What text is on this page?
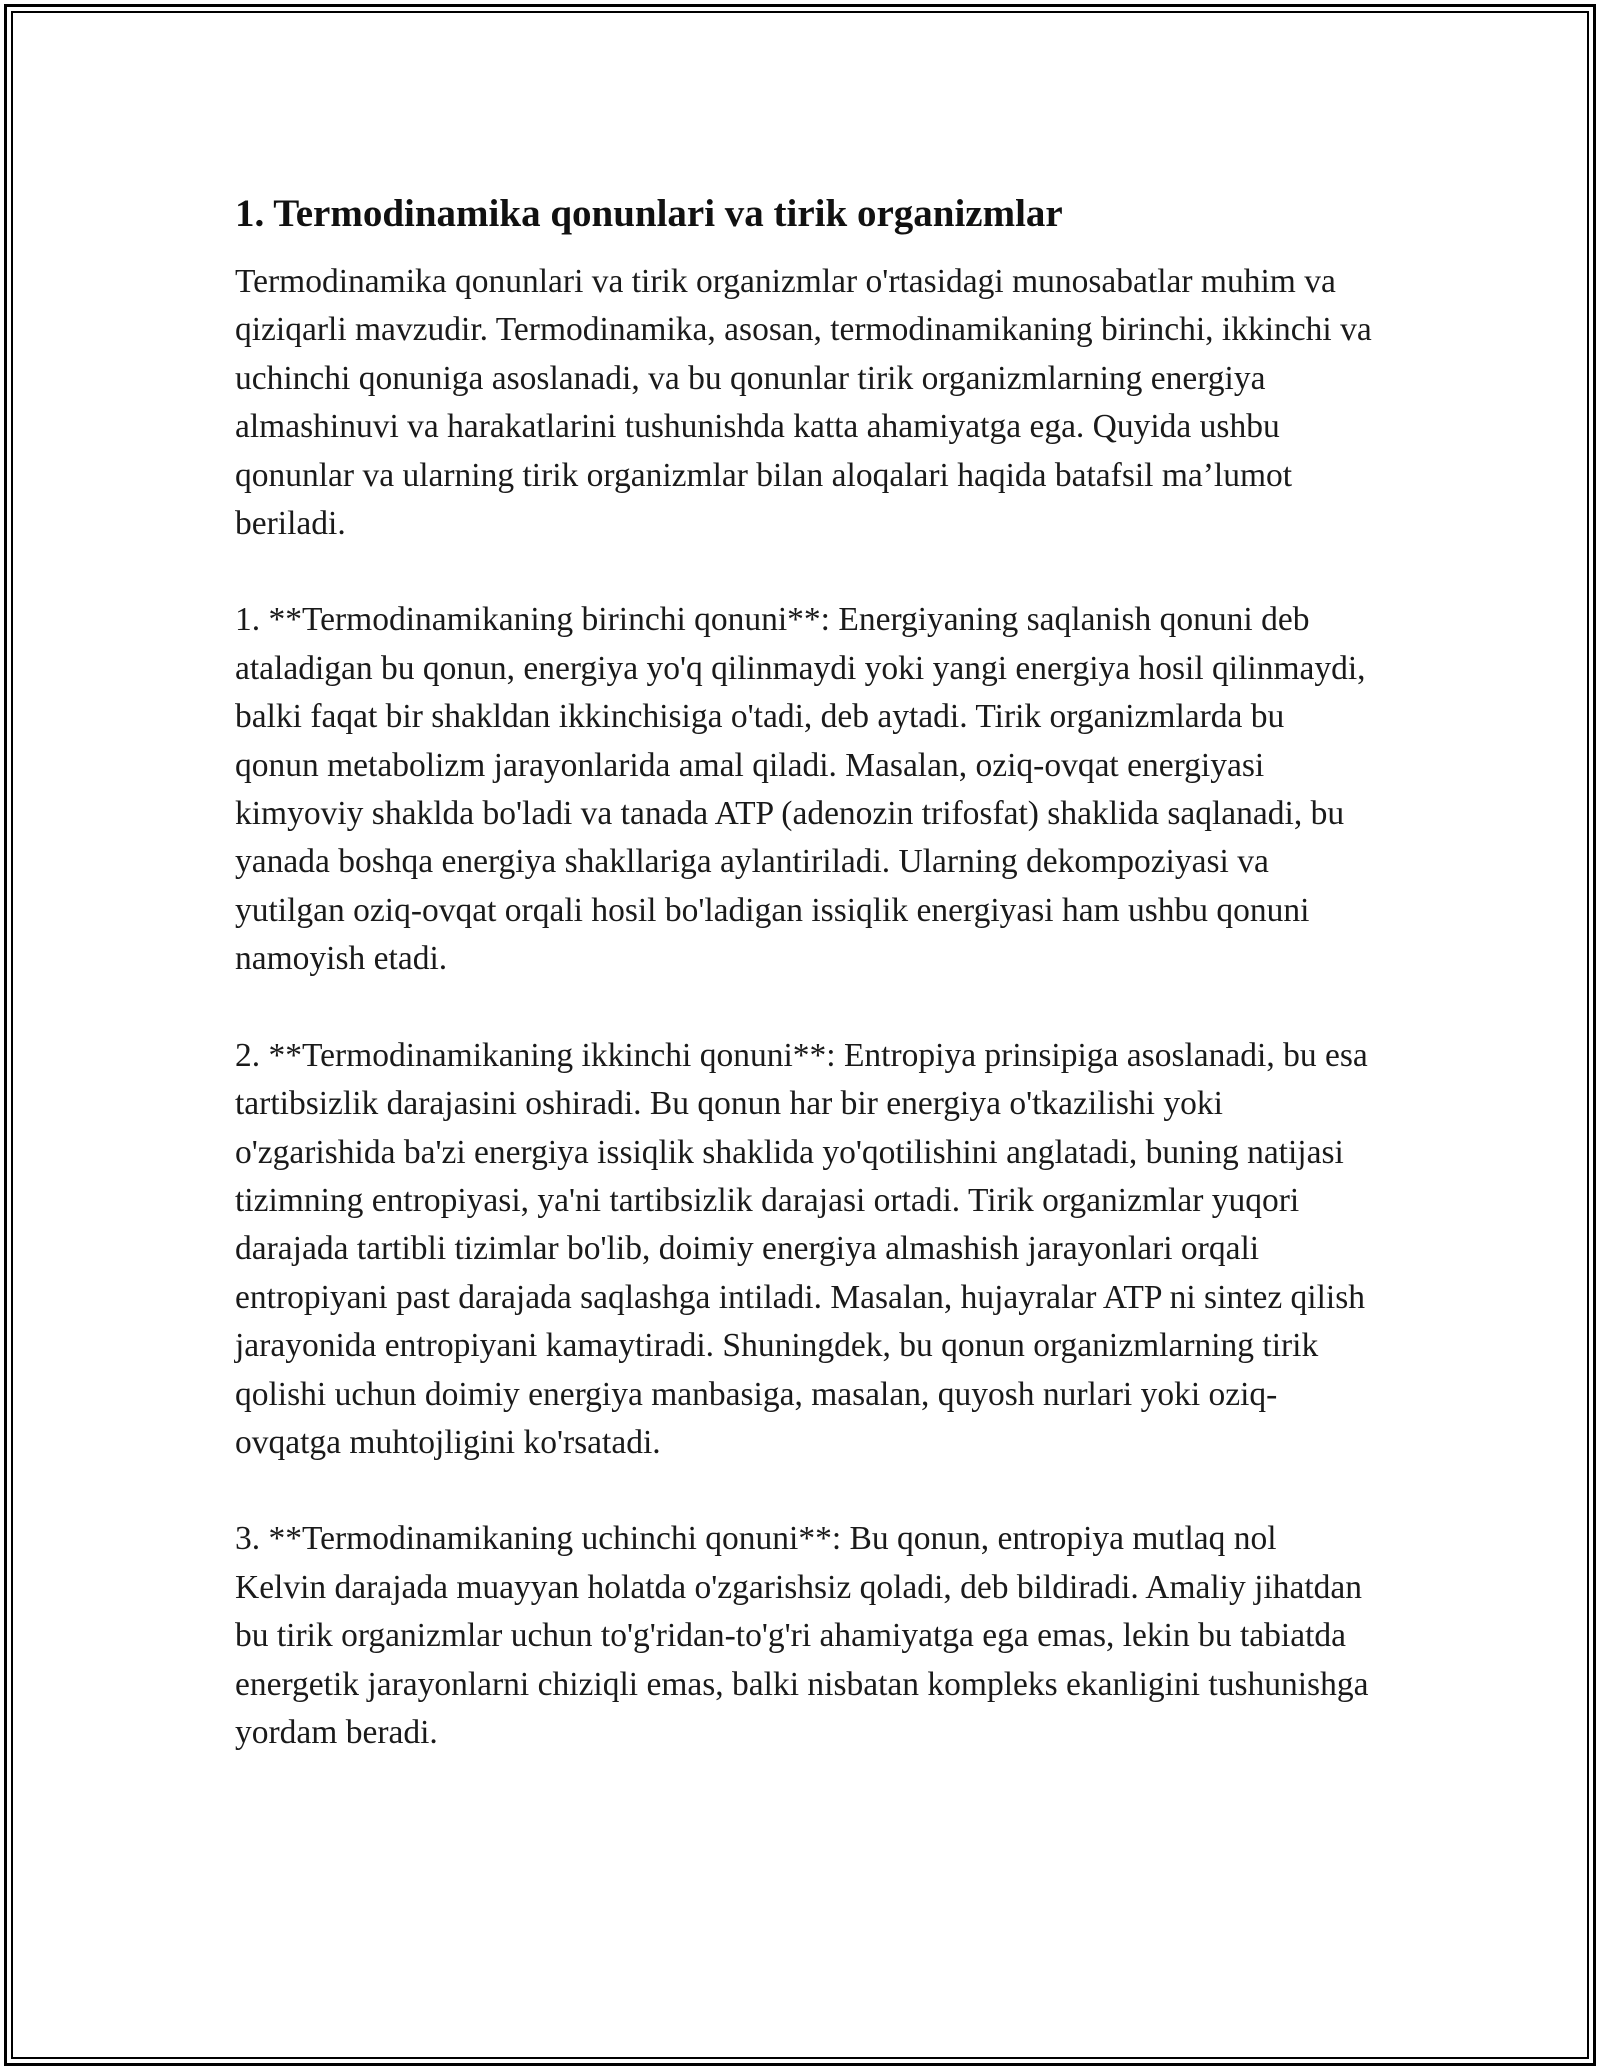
1. Termodinamika qonunlari va tirik organizmlar

Termodinamika qonunlari va tirik organizmlar o'rtasidagi munosabatlar muhim va qiziqarli mavzudir. Termodinamika, asosan, termodinamikaning birinchi, ikkinchi va uchinchi qonuniga asoslanadi, va bu qonunlar tirik organizmlarning energiya almashinuvi va harakatlarini tushunishda katta ahamiyatga ega. Quyida ushbu qonunlar va ularning tirik organizmlar bilan aloqalari haqida batafsil ma’lumot beriladi.

1. **Termodinamikaning birinchi qonuni**: Energiyaning saqlanish qonuni deb ataladigan bu qonun, energiya yo'q qilinmaydi yoki yangi energiya hosil qilinmaydi, balki faqat bir shakldan ikkinchisiga o'tadi, deb aytadi. Tirik organizmlarda bu qonun metabolizm jarayonlarida amal qiladi. Masalan, oziq-ovqat energiyasi kimyoviy shaklda bo'ladi va tanada ATP (adenozin trifosfat) shaklida saqlanadi, bu yanada boshqa energiya shakllariga aylantiriladi. Ularning dekompoziyasi va yutilgan oziq-ovqat orqali hosil bo'ladigan issiqlik energiyasi ham ushbu qonuni namoyish etadi.

2. **Termodinamikaning ikkinchi qonuni**: Entropiya prinsipiga asoslanadi, bu esa tartibsizlik darajasini oshiradi. Bu qonun har bir energiya o'tkazilishi yoki o'zgarishida ba'zi energiya issiqlik shaklida yo'qotilishini anglatadi, buning natijasi tizimning entropiyasi, ya'ni tartibsizlik darajasi ortadi. Tirik organizmlar yuqori darajada tartibli tizimlar bo'lib, doimiy energiya almashish jarayonlari orqali entropiyani past darajada saqlashga intiladi. Masalan, hujayralar ATP ni sintez qilish jarayonida entropiyani kamaytiradi. Shuningdek, bu qonun organizmlarning tirik qolishi uchun doimiy energiya manbasiga, masalan, quyosh nurlari yoki oziq-ovqatga muhtojligini ko'rsatadi.

3. **Termodinamikaning uchinchi qonuni**: Bu qonun, entropiya mutlaq nol Kelvin darajada muayyan holatda o'zgarishsiz qoladi, deb bildiradi. Amaliy jihatdan bu tirik organizmlar uchun to'g'ridan-to'g'ri ahamiyatga ega emas, lekin bu tabiatda energetik jarayonlarni chiziqli emas, balki nisbatan kompleks ekanligini tushunishga yordam beradi.
